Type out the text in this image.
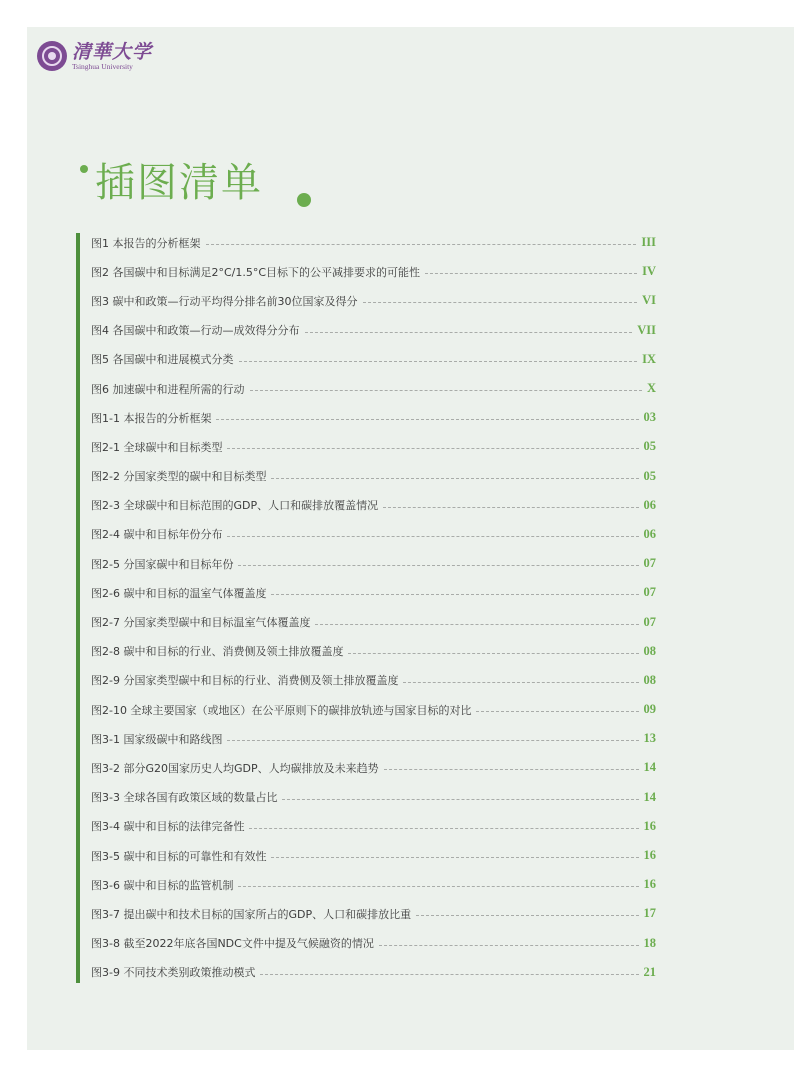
清華大学
Tsinghua University
插图清单
图1 本报告的分析框架	III
图2 各国碳中和目标满足2°C/1.5°C目标下的公平减排要求的可能性	IV
图3 碳中和政策—行动平均得分排名前30位国家及得分	VI
图4 各国碳中和政策—行动—成效得分分布	VII
图5 各国碳中和进展模式分类	IX
图6 加速碳中和进程所需的行动	X
图1-1 本报告的分析框架	03
图2-1 全球碳中和目标类型	05
图2-2 分国家类型的碳中和目标类型	05
图2-3 全球碳中和目标范围的GDP、人口和碳排放覆盖情况	06
图2-4 碳中和目标年份分布	06
图2-5 分国家碳中和目标年份	07
图2-6 碳中和目标的温室气体覆盖度	07
图2-7 分国家类型碳中和目标温室气体覆盖度	07
图2-8 碳中和目标的行业、消费侧及领土排放覆盖度	08
图2-9 分国家类型碳中和目标的行业、消费侧及领土排放覆盖度	08
图2-10 全球主要国家（或地区）在公平原则下的碳排放轨迹与国家目标的对比	09
图3-1 国家级碳中和路线图	13
图3-2 部分G20国家历史人均GDP、人均碳排放及未来趋势	14
图3-3 全球各国有政策区域的数量占比	14
图3-4 碳中和目标的法律完备性	16
图3-5 碳中和目标的可靠性和有效性	16
图3-6 碳中和目标的监管机制	16
图3-7 提出碳中和技术目标的国家所占的GDP、人口和碳排放比重	17
图3-8 截至2022年底各国NDC文件中提及气候融资的情况	18
图3-9 不同技术类别政策推动模式	21
